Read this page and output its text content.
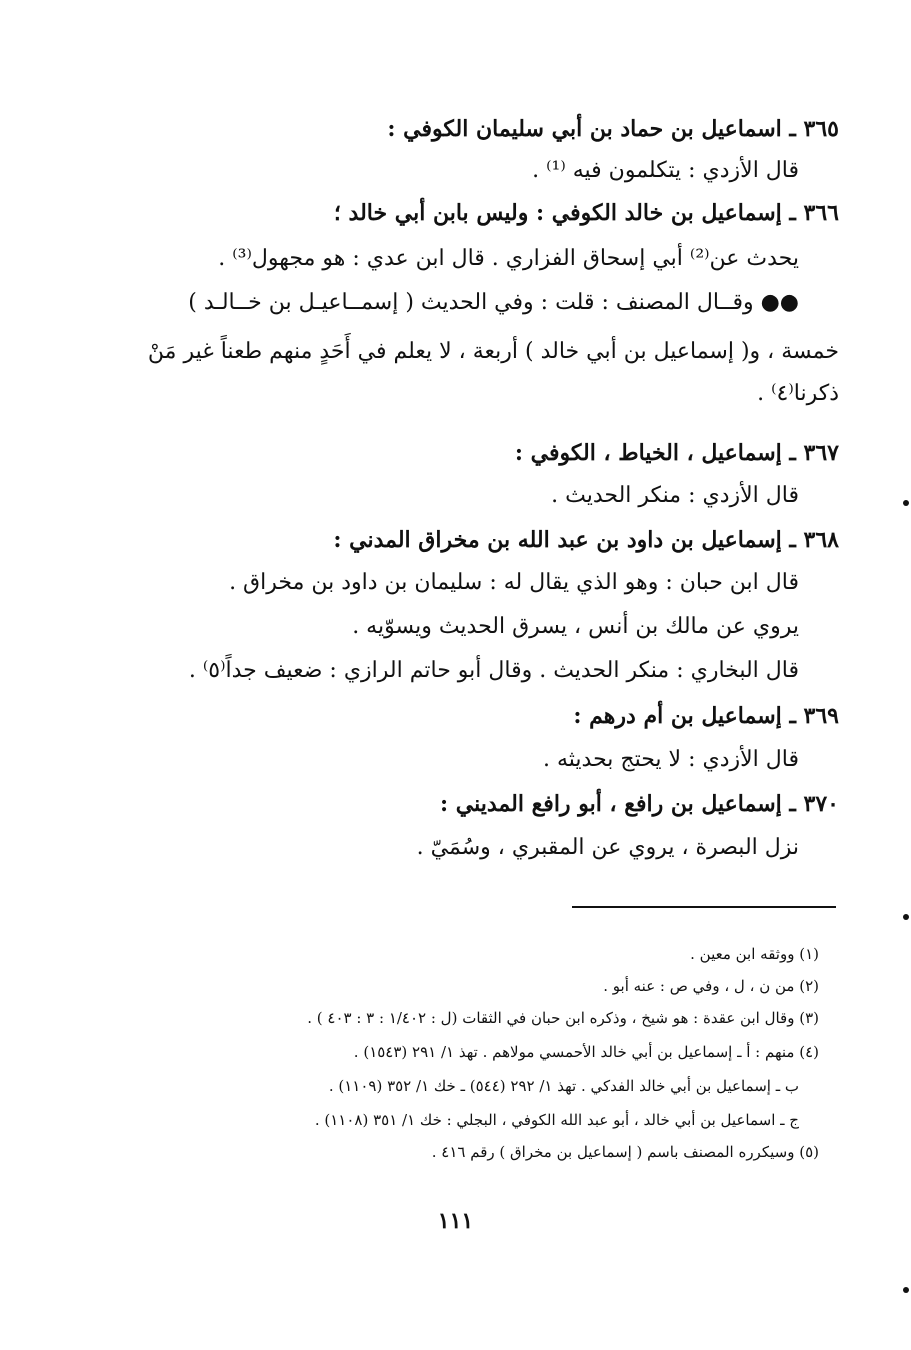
٣٦٥ ـ اسماعيل بن حماد بن أبي سليمان الكوفي :

قال الأزدي : يتكلمون فيه ⁽¹⁾ .

٣٦٦ ـ إسماعيل بن خالد الكوفي : وليس بابن أبي خالد ؛

يحدث عن⁽²⁾ أبي إسحاق الفزاري . قال ابن عدي : هو مجهول⁽³⁾ .

●● وقــال المصنف : قلت : وفي الحديث ( إسمــاعيـل بن خــالـد )

خمسة ، و( إسماعيل بن أبي خالد ) أربعة ، لا يعلم في أَحَدٍ منهم طعناً غير مَنْ

ذكرنا⁽٤⁾ .

٣٦٧ ـ إسماعيل ، الخياط ، الكوفي :

قال الأزدي : منكر الحديث .

٣٦٨ ـ إسماعيل بن داود بن عبد الله بن مخراق المدني :

قال ابن حبان : وهو الذي يقال له : سليمان بن داود بن مخراق .

يروي عن مالك بن أنس ، يسرق الحديث ويسوّيه .

قال البخاري : منكر الحديث . وقال أبو حاتم الرازي : ضعيف جداً⁽٥⁾ .

٣٦٩ ـ إسماعيل بن أم درهم :

قال الأزدي : لا يحتج بحديثه .

٣٧٠ ـ إسماعيل بن رافع ، أبو رافع المديني :

نزل البصرة ، يروي عن المقبري ، وسُمَيّ .

(١) ووثقه ابن معين .

(٢) من ن ، ل ، وفي ص : عنه أبو .

(٣) وقال ابن عقدة : هو شيخ ، وذكره ابن حبان في الثقات (ل : ١/٤٠٢ : ٣ : ٤٠٣ ) .

(٤) منهم : أ ـ إسماعيل بن أبي خالد الأحمسي مولاهم . تهذ ١/ ٢٩١ (١٥٤٣) .

ب ـ إسماعيل بن أبي خالد الفدكي . تهذ ١/ ٢٩٢ (٥٤٤) ـ خك ١/ ٣٥٢ (١١٠٩) .

ج ـ اسماعيل بن أبي خالد ، أبو عبد الله الكوفي ، البجلي : خك ١/ ٣٥١ (١١٠٨) .

(٥) وسيكرره المصنف باسم ( إسماعيل بن مخراق ) رقم ٤١٦ .

١١١
